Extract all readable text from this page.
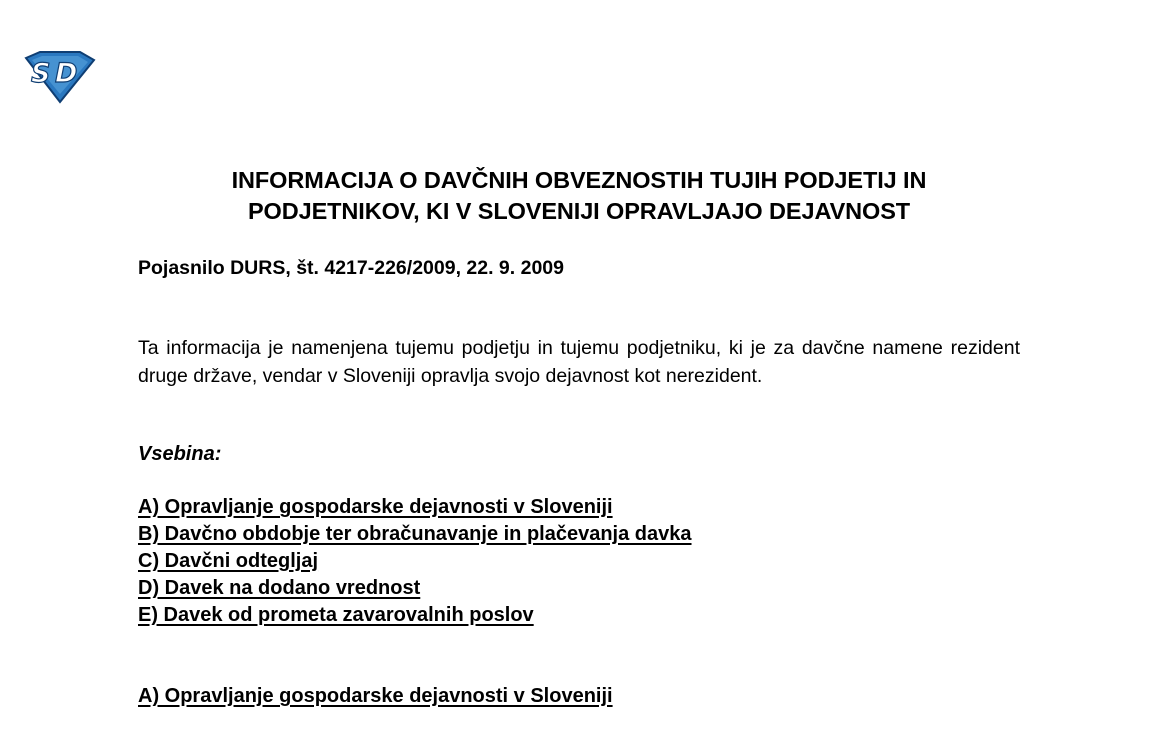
S D
INFORMACIJA O DAVČNIH OBVEZNOSTIH TUJIH PODJETIJ IN
PODJETNIKOV, KI V SLOVENIJI OPRAVLJAJO DEJAVNOST
Pojasnilo DURS, št. 4217-226/2009, 22. 9. 2009

Ta informacija je namenjena tujemu podjetju in tujemu podjetniku, ki je za davčne namene rezident druge države, vendar v Sloveniji opravlja svojo dejavnost kot nerezident.

Vsebina:
A) Opravljanje gospodarske dejavnosti v Sloveniji
B) Davčno obdobje ter obračunavanje in plačevanja davka
C) Davčni odtegljaj
D) Davek na dodano vrednost
E) Davek od prometa zavarovalnih poslov
A) Opravljanje gospodarske dejavnosti v Sloveniji
